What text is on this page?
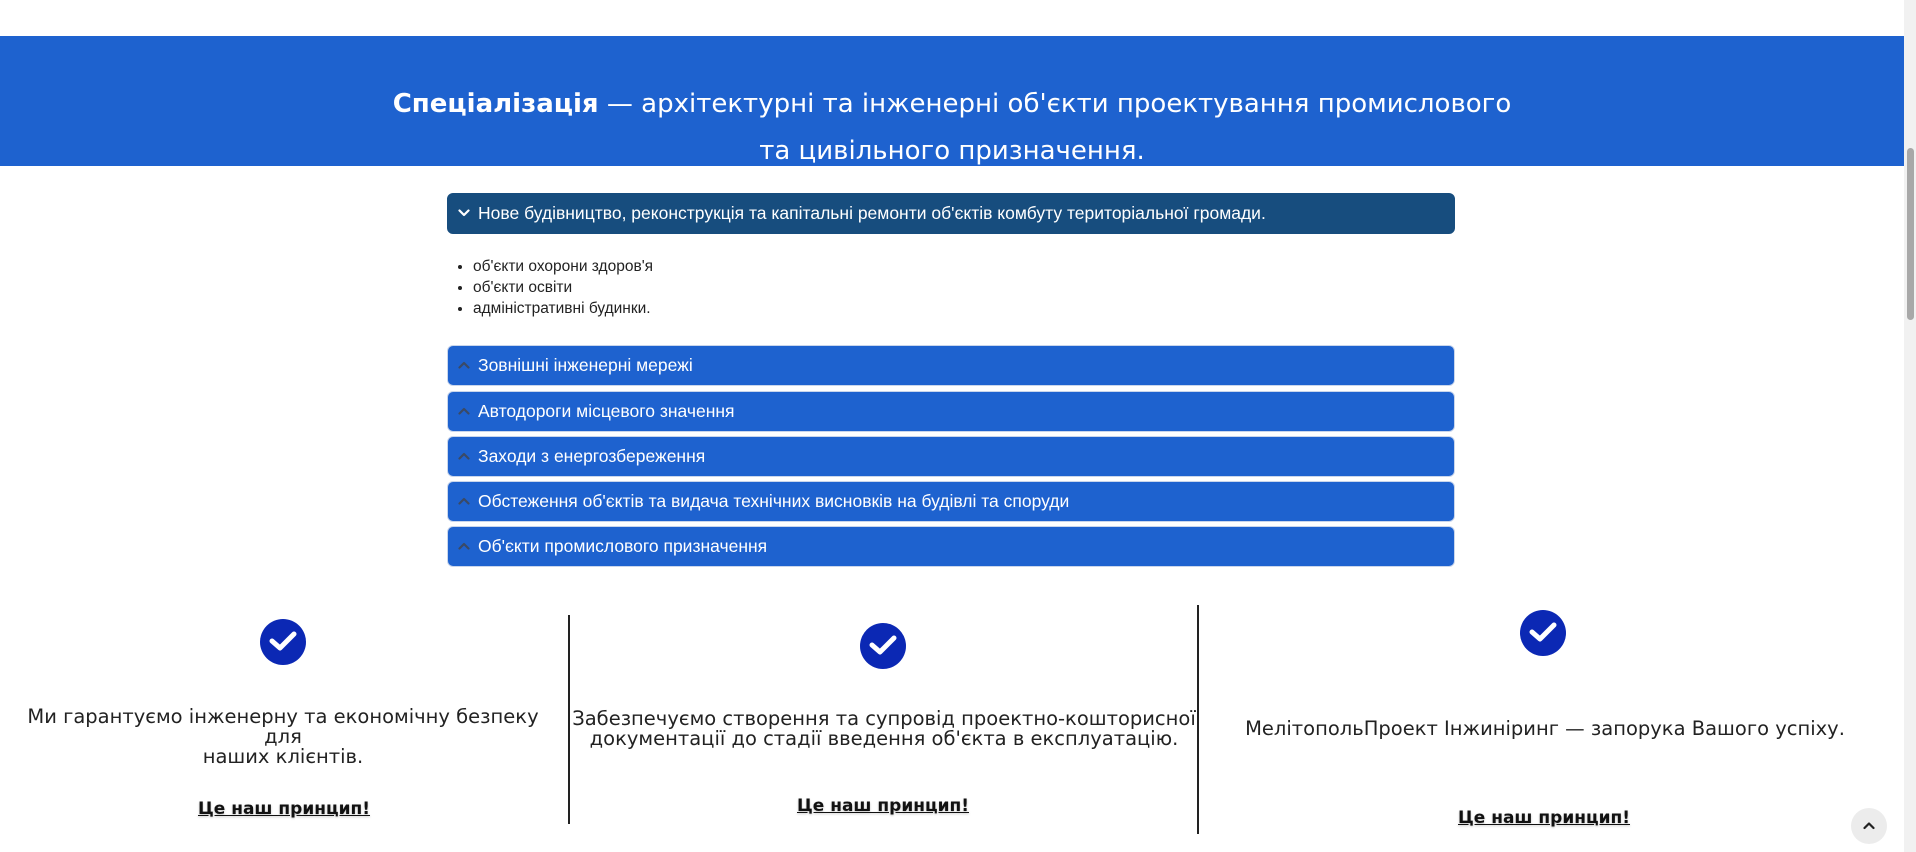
Спеціалізація — архітектурні та інженерні об'єкти проектування промислового
та цивільного призначення.
Нове будівництво, реконструкція та капітальні ремонти об'єктів комбуту територіальної громади.
• об'єкти охорони здоров'я
• об'єкти освіти
• адміністративні будинки.
Зовнішні інженерні мережі
Автодороги місцевого значення
Заходи з енергозбереження
Обстеження об'єктів та видача технічних висновків на будівлі та споруди
Об'єкти промислового призначення
Ми гарантуємо інженерну та економічну безпеку для
наших клієнтів.
Це наш принцип!
Забезпечуємо створення та супровід проектно-кошторисної
документації до стадії введення об'єкта в експлуатацію.
Це наш принцип!
МелітопольПроект Інжиніринг — запорука Вашого успіху.
Це наш принцип!
